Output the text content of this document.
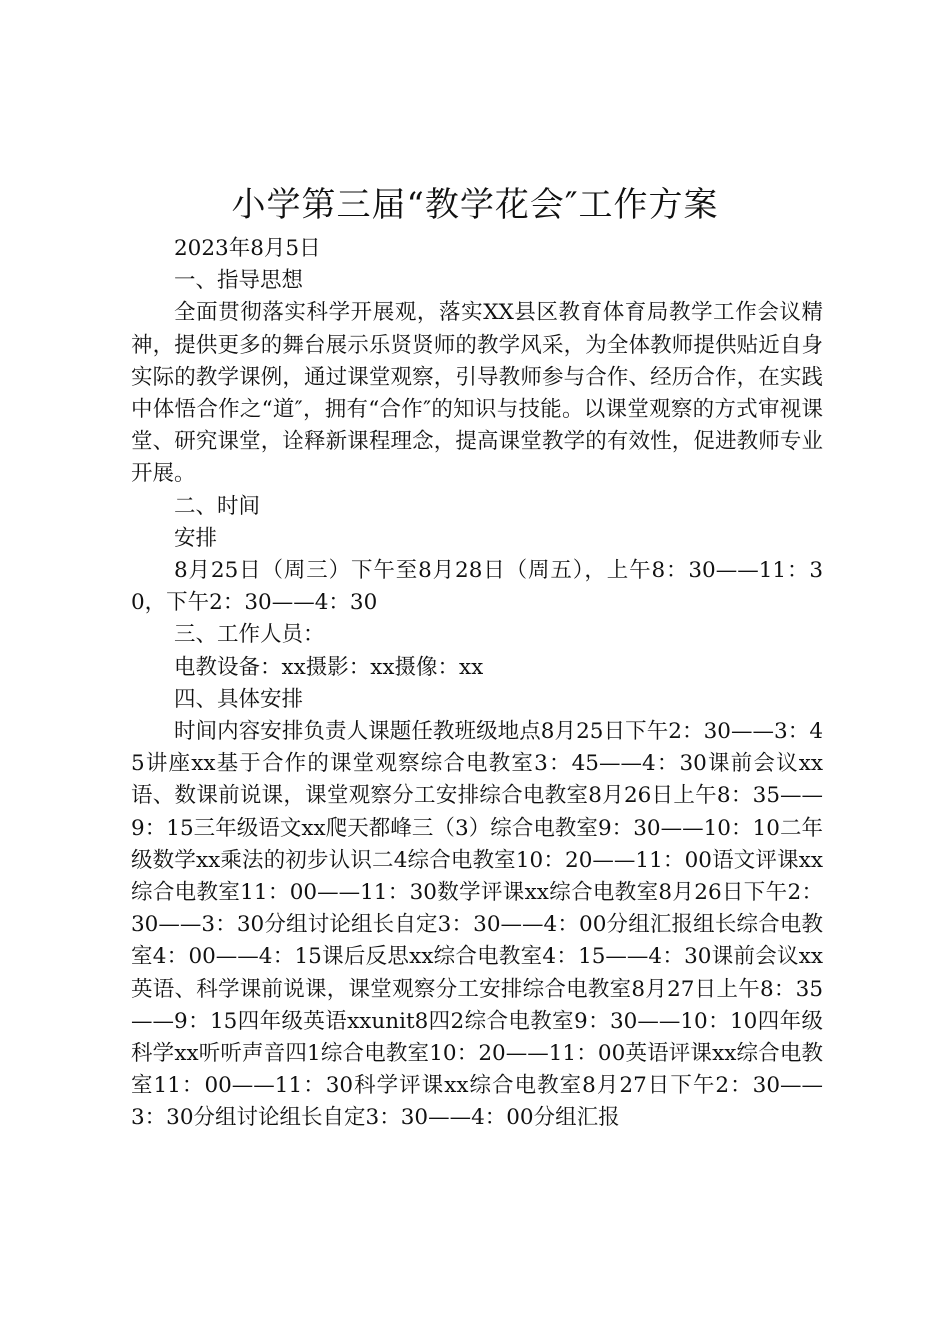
小学第三届“教学花会″工作方案

2023年8月5日

一、指导思想

全面贯彻落实科学开展观，落实XX县区教育体育局教学工作会议精神，提供更多的舞台展示乐贤贤师的教学风采，为全体教师提供贴近自身实际的教学课例，通过课堂观察，引导教师参与合作、经历合作，在实践中体悟合作之“道″，拥有“合作″的知识与技能。以课堂观察的方式审视课堂、研究课堂，诠释新课程理念，提高课堂教学的有效性，促进教师专业开展。

二、时间

安排

8月25日（周三）下午至8月28日（周五），上午8：30——11：30，下午2：30——4：30

三、工作人员：

电教设备：xx摄影：xx摄像：xx

四、具体安排

时间内容安排负责人课题任教班级地点8月25日下午2：30——3：45讲座xx基于合作的课堂观察综合电教室3：45——4：30课前会议xx语、数课前说课，课堂观察分工安排综合电教室8月26日上午8：35——9：15三年级语文xx爬天都峰三（3）综合电教室9：30——10：10二年级数学xx乘法的初步认识二4综合电教室10：20——11：00语文评课xx综合电教室11：00——11：30数学评课xx综合电教室8月26日下午2：30——3：30分组讨论组长自定3：30——4：00分组汇报组长综合电教室4：00——4：15课后反思xx综合电教室4：15——4：30课前会议xx英语、科学课前说课，课堂观察分工安排综合电教室8月27日上午8：35——9：15四年级英语xxunit8四2综合电教室9：30——10：10四年级科学xx听听声音四1综合电教室10：20——11：00英语评课xx综合电教室11：00——11：30科学评课xx综合电教室8月27日下午2：30——3：30分组讨论组长自定3：30——4：00分组汇报
